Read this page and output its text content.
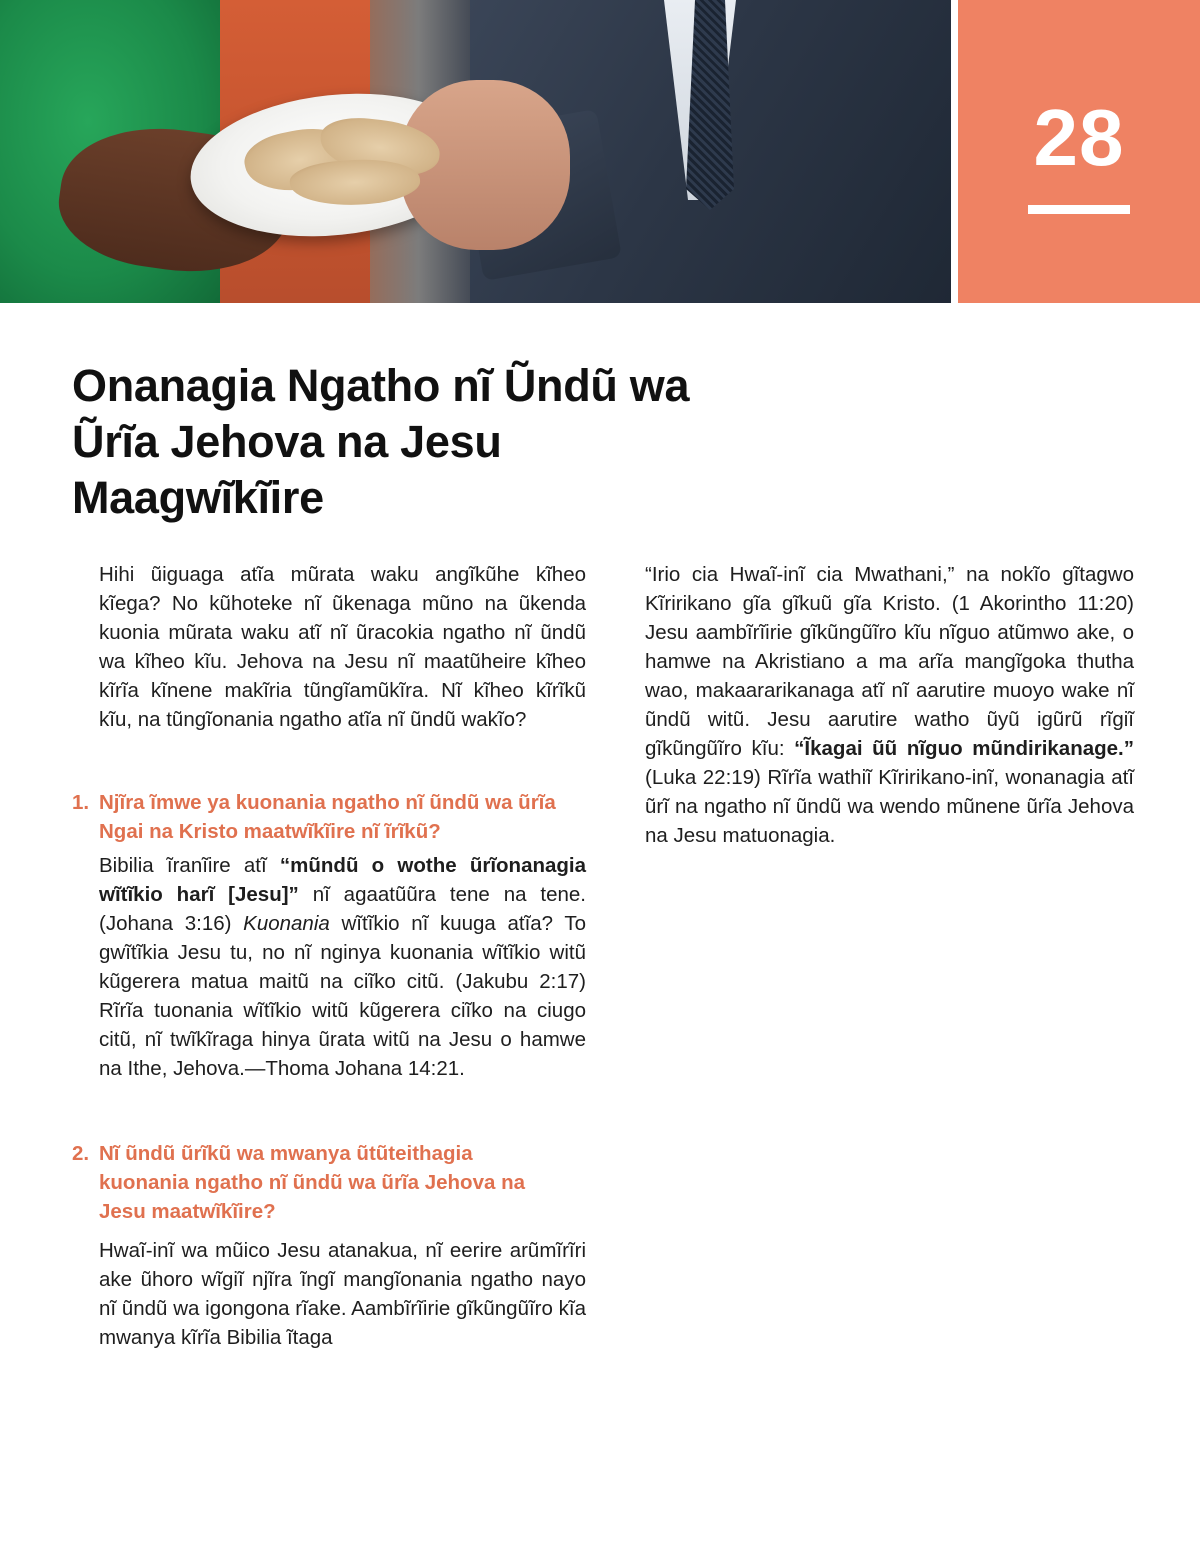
28
Onanagia Ngatho nĩ Ũndũ wa Ũrĩa Jehova na Jesu Maagwĩkĩire

Hihi ũiguaga atĩa mũrata waku angĩkũhe kĩheo kĩega? No kũhoteke nĩ ũkenaga mũno na ũkenda kuonia mũrata waku atĩ nĩ ũracokia ngatho nĩ ũndũ wa kĩheo kĩu. Jehova na Jesu nĩ maatũheire kĩheo kĩrĩa kĩnene makĩria tũngĩamũkĩra. Nĩ kĩheo kĩrĩkũ kĩu, na tũngĩonania ngatho atĩa nĩ ũndũ wakĩo?

1. Njĩra ĩmwe ya kuonania ngatho nĩ ũndũ wa ũrĩa Ngai na Kristo maatwĩkĩire nĩ ĩrĩkũ?

Bibilia ĩranĩire atĩ “mũndũ o wothe ũrĩonanagia wĩtĩkio harĩ [Jesu]” nĩ agaatũũra tene na tene. (Johana 3:16) Kuonania wĩtĩkio nĩ kuuga atĩa? To gwĩtĩkia Jesu tu, no nĩ nginya kuonania wĩtĩkio witũ kũgerera matua maitũ na ciĩko citũ. (Jakubu 2:17) Rĩrĩa tuonania wĩtĩkio witũ kũgerera ciĩko na ciugo citũ, nĩ twĩkĩraga hinya ũrata witũ na Jesu o hamwe na Ithe, Jehova.—Thoma Johana 14:21.

2. Nĩ ũndũ ũrĩkũ wa mwanya ũtũteithagia kuonania ngatho nĩ ũndũ wa ũrĩa Jehova na Jesu maatwĩkĩire?

Hwaĩ-inĩ wa mũico Jesu atanakua, nĩ eerire arũmĩrĩri ake ũhoro wĩgiĩ njĩra ĩngĩ mangĩonania ngatho nayo nĩ ũndũ wa igongona rĩake. Aambĩrĩirie gĩkũngũĩro kĩa mwanya kĩrĩa Bibilia ĩtaga

“Irio cia Hwaĩ-inĩ cia Mwathani,” na nokĩo gĩtagwo Kĩririkano gĩa gĩkuũ gĩa Kristo. (1 Akorintho 11:20) Jesu aambĩrĩirie gĩkũngũĩro kĩu nĩguo atũmwo ake, o hamwe na Akristiano a ma arĩa mangĩgoka thutha wao, makaararikanaga atĩ nĩ aarutire muoyo wake nĩ ũndũ witũ. Jesu aarutire watho ũyũ igũrũ rĩgiĩ gĩkũngũĩro kĩu: “Ĩkagai ũũ nĩguo mũndirikanage.” (Luka 22:19) Rĩrĩa wathiĩ Kĩririkano-inĩ, wonanagia atĩ ũrĩ na ngatho nĩ ũndũ wa wendo mũnene ũrĩa Jehova na Jesu matuonagia.
